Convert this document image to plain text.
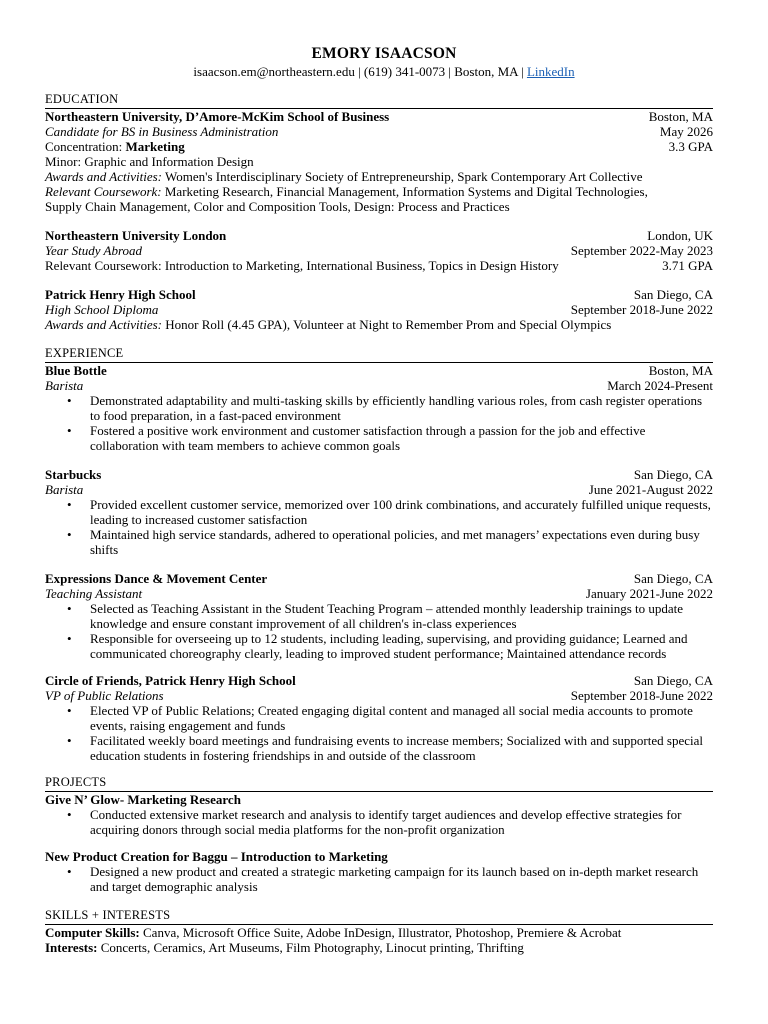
EMORY ISAACSON
isaacson.em@northeastern.edu | (619) 341-0073 | Boston, MA | LinkedIn
EDUCATION
Northeastern University, D’Amore-McKim School of Business	Boston, MA
Candidate for BS in Business Administration	May 2026
Concentration: Marketing	3.3 GPA
Minor: Graphic and Information Design
Awards and Activities: Women's Interdisciplinary Society of Entrepreneurship, Spark Contemporary Art Collective
Relevant Coursework: Marketing Research, Financial Management, Information Systems and Digital Technologies,
Supply Chain Management, Color and Composition Tools, Design: Process and Practices
Northeastern University London	London, UK
Year Study Abroad	September 2022-May 2023
Relevant Coursework: Introduction to Marketing, International Business, Topics in Design History	3.71 GPA
Patrick Henry High School	San Diego, CA
High School Diploma	September 2018-June 2022
Awards and Activities: Honor Roll (4.45 GPA), Volunteer at Night to Remember Prom and Special Olympics
EXPERIENCE
Blue Bottle	Boston, MA
Barista	March 2024-Present
• Demonstrated adaptability and multi-tasking skills by efficiently handling various roles, from cash register operations to food preparation, in a fast-paced environment
• Fostered a positive work environment and customer satisfaction through a passion for the job and effective collaboration with team members to achieve common goals
Starbucks	San Diego, CA
Barista	June 2021-August 2022
• Provided excellent customer service, memorized over 100 drink combinations, and accurately fulfilled unique requests, leading to increased customer satisfaction
• Maintained high service standards, adhered to operational policies, and met managers’ expectations even during busy shifts
Expressions Dance & Movement Center	San Diego, CA
Teaching Assistant	January 2021-June 2022
• Selected as Teaching Assistant in the Student Teaching Program – attended monthly leadership trainings to update knowledge and ensure constant improvement of all children's in-class experiences
• Responsible for overseeing up to 12 students, including leading, supervising, and providing guidance; Learned and communicated choreography clearly, leading to improved student performance; Maintained attendance records
Circle of Friends, Patrick Henry High School	San Diego, CA
VP of Public Relations	September 2018-June 2022
• Elected VP of Public Relations; Created engaging digital content and managed all social media accounts to promote events, raising engagement and funds
• Facilitated weekly board meetings and fundraising events to increase members; Socialized with and supported special education students in fostering friendships in and outside of the classroom
PROJECTS
Give N’ Glow- Marketing Research
• Conducted extensive market research and analysis to identify target audiences and develop effective strategies for acquiring donors through social media platforms for the non-profit organization
New Product Creation for Baggu – Introduction to Marketing
• Designed a new product and created a strategic marketing campaign for its launch based on in-depth market research and target demographic analysis
SKILLS + INTERESTS
Computer Skills: Canva, Microsoft Office Suite, Adobe InDesign, Illustrator, Photoshop, Premiere & Acrobat
Interests: Concerts, Ceramics, Art Museums, Film Photography, Linocut printing, Thrifting
